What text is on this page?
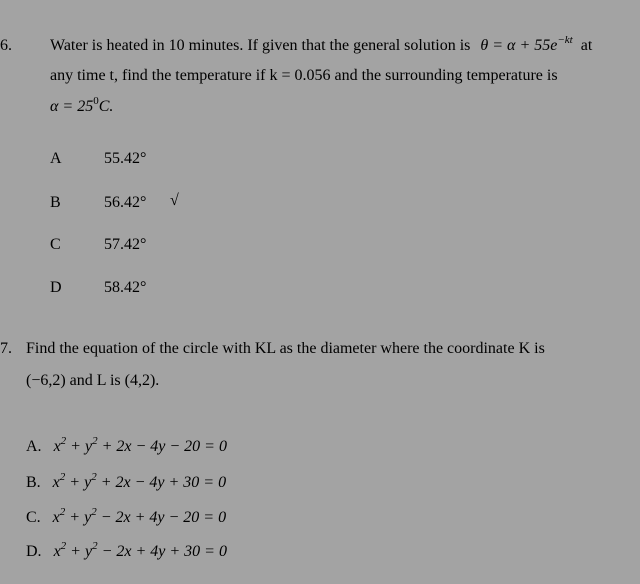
6. Water is heated in 10 minutes. If given that the general solution is $\theta = \alpha + 55e^{-kt}$ at
any time t, find the temperature if k = 0.056 and the surrounding temperature is
$\alpha = 25^0C$.
A	55.42°
B	56.42° √
C	57.42°
D	58.42°
7. Find the equation of the circle with KL as the diameter where the coordinate K is
(−6,2) and L is (4,2).
A. $x^2 + y^2 + 2x - 4y - 20 = 0$
B. $x^2 + y^2 + 2x - 4y + 30 = 0$
C. $x^2 + y^2 - 2x + 4y - 20 = 0$
D. $x^2 + y^2 - 2x + 4y + 30 = 0$
